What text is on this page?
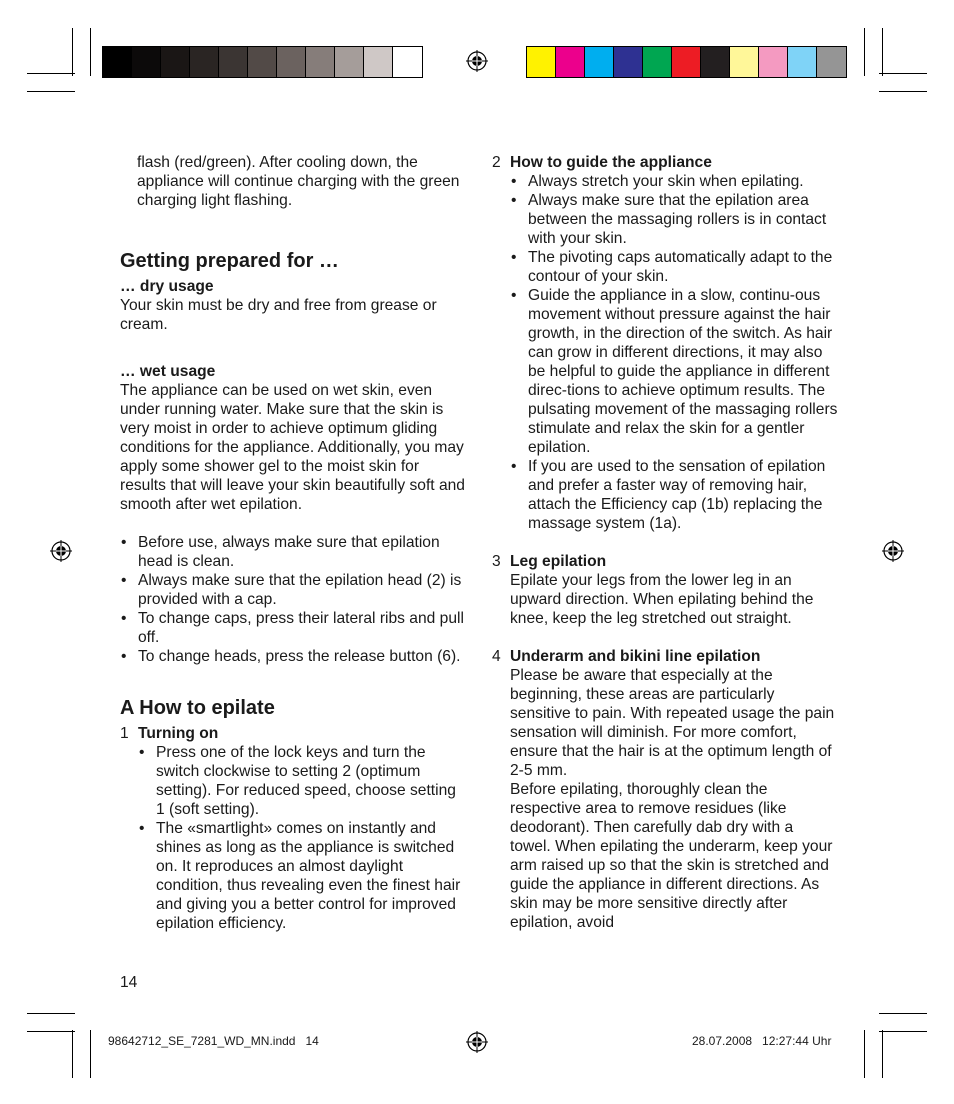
flash (red/green). After cooling down, the appliance will continue charging with the green charging light flashing.

Getting prepared for …

… dry usage

Your skin must be dry and free from grease or cream.

… wet usage

The appliance can be used on wet skin, even under running water. Make sure that the skin is very moist in order to achieve optimum gliding conditions for the appliance. Additionally, you may apply some shower gel to the moist skin for results that will leave your skin beautifully soft and smooth after wet epilation.

• Before use, always make sure that epilation head is clean.
• Always make sure that the epilation head (2) is provided with a cap.
• To change caps, press their lateral ribs and pull off.
• To change heads, press the release button (6).
A How to epilate
1 Turning on

• Press one of the lock keys and turn the switch clockwise to setting 2 (optimum setting). For reduced speed, choose setting 1 (soft setting).
• The «smartlight» comes on instantly and shines as long as the appliance is switched on. It reproduces an almost daylight condition, thus revealing even the finest hair and giving you a better control for improved epilation efficiency.
14
2 How to guide the appliance

• Always stretch your skin when epilating.
• Always make sure that the epilation area between the massaging rollers is in contact with your skin.
• The pivoting caps automatically adapt to the contour of your skin.
• Guide the appliance in a slow, continu-ous movement without pressure against the hair growth, in the direction of the switch. As hair can grow in different directions, it may also be helpful to guide the appliance in different direc-tions to achieve optimum results. The pulsating movement of the massaging rollers stimulate and relax the skin for a gentler epilation.
• If you are used to the sensation of epilation and prefer a faster way of removing hair, attach the Efficiency cap (1b) replacing the massage system (1a).
3 Leg epilation

Epilate your legs from the lower leg in an upward direction. When epilating behind the knee, keep the leg stretched out straight.

4 Underarm and bikini line epilation

Please be aware that especially at the beginning, these areas are particularly sensitive to pain. With repeated usage the pain sensation will diminish. For more comfort, ensure that the hair is at the optimum length of 2-5 mm.

Before epilating, thoroughly clean the respective area to remove residues (like deodorant). Then carefully dab dry with a towel. When epilating the underarm, keep your arm raised up so that the skin is stretched and guide the appliance in different directions. As skin may be more sensitive directly after epilation, avoid

98642712_SE_7281_WD_MN.indd   14	28.07.2008   12:27:44 Uhr
